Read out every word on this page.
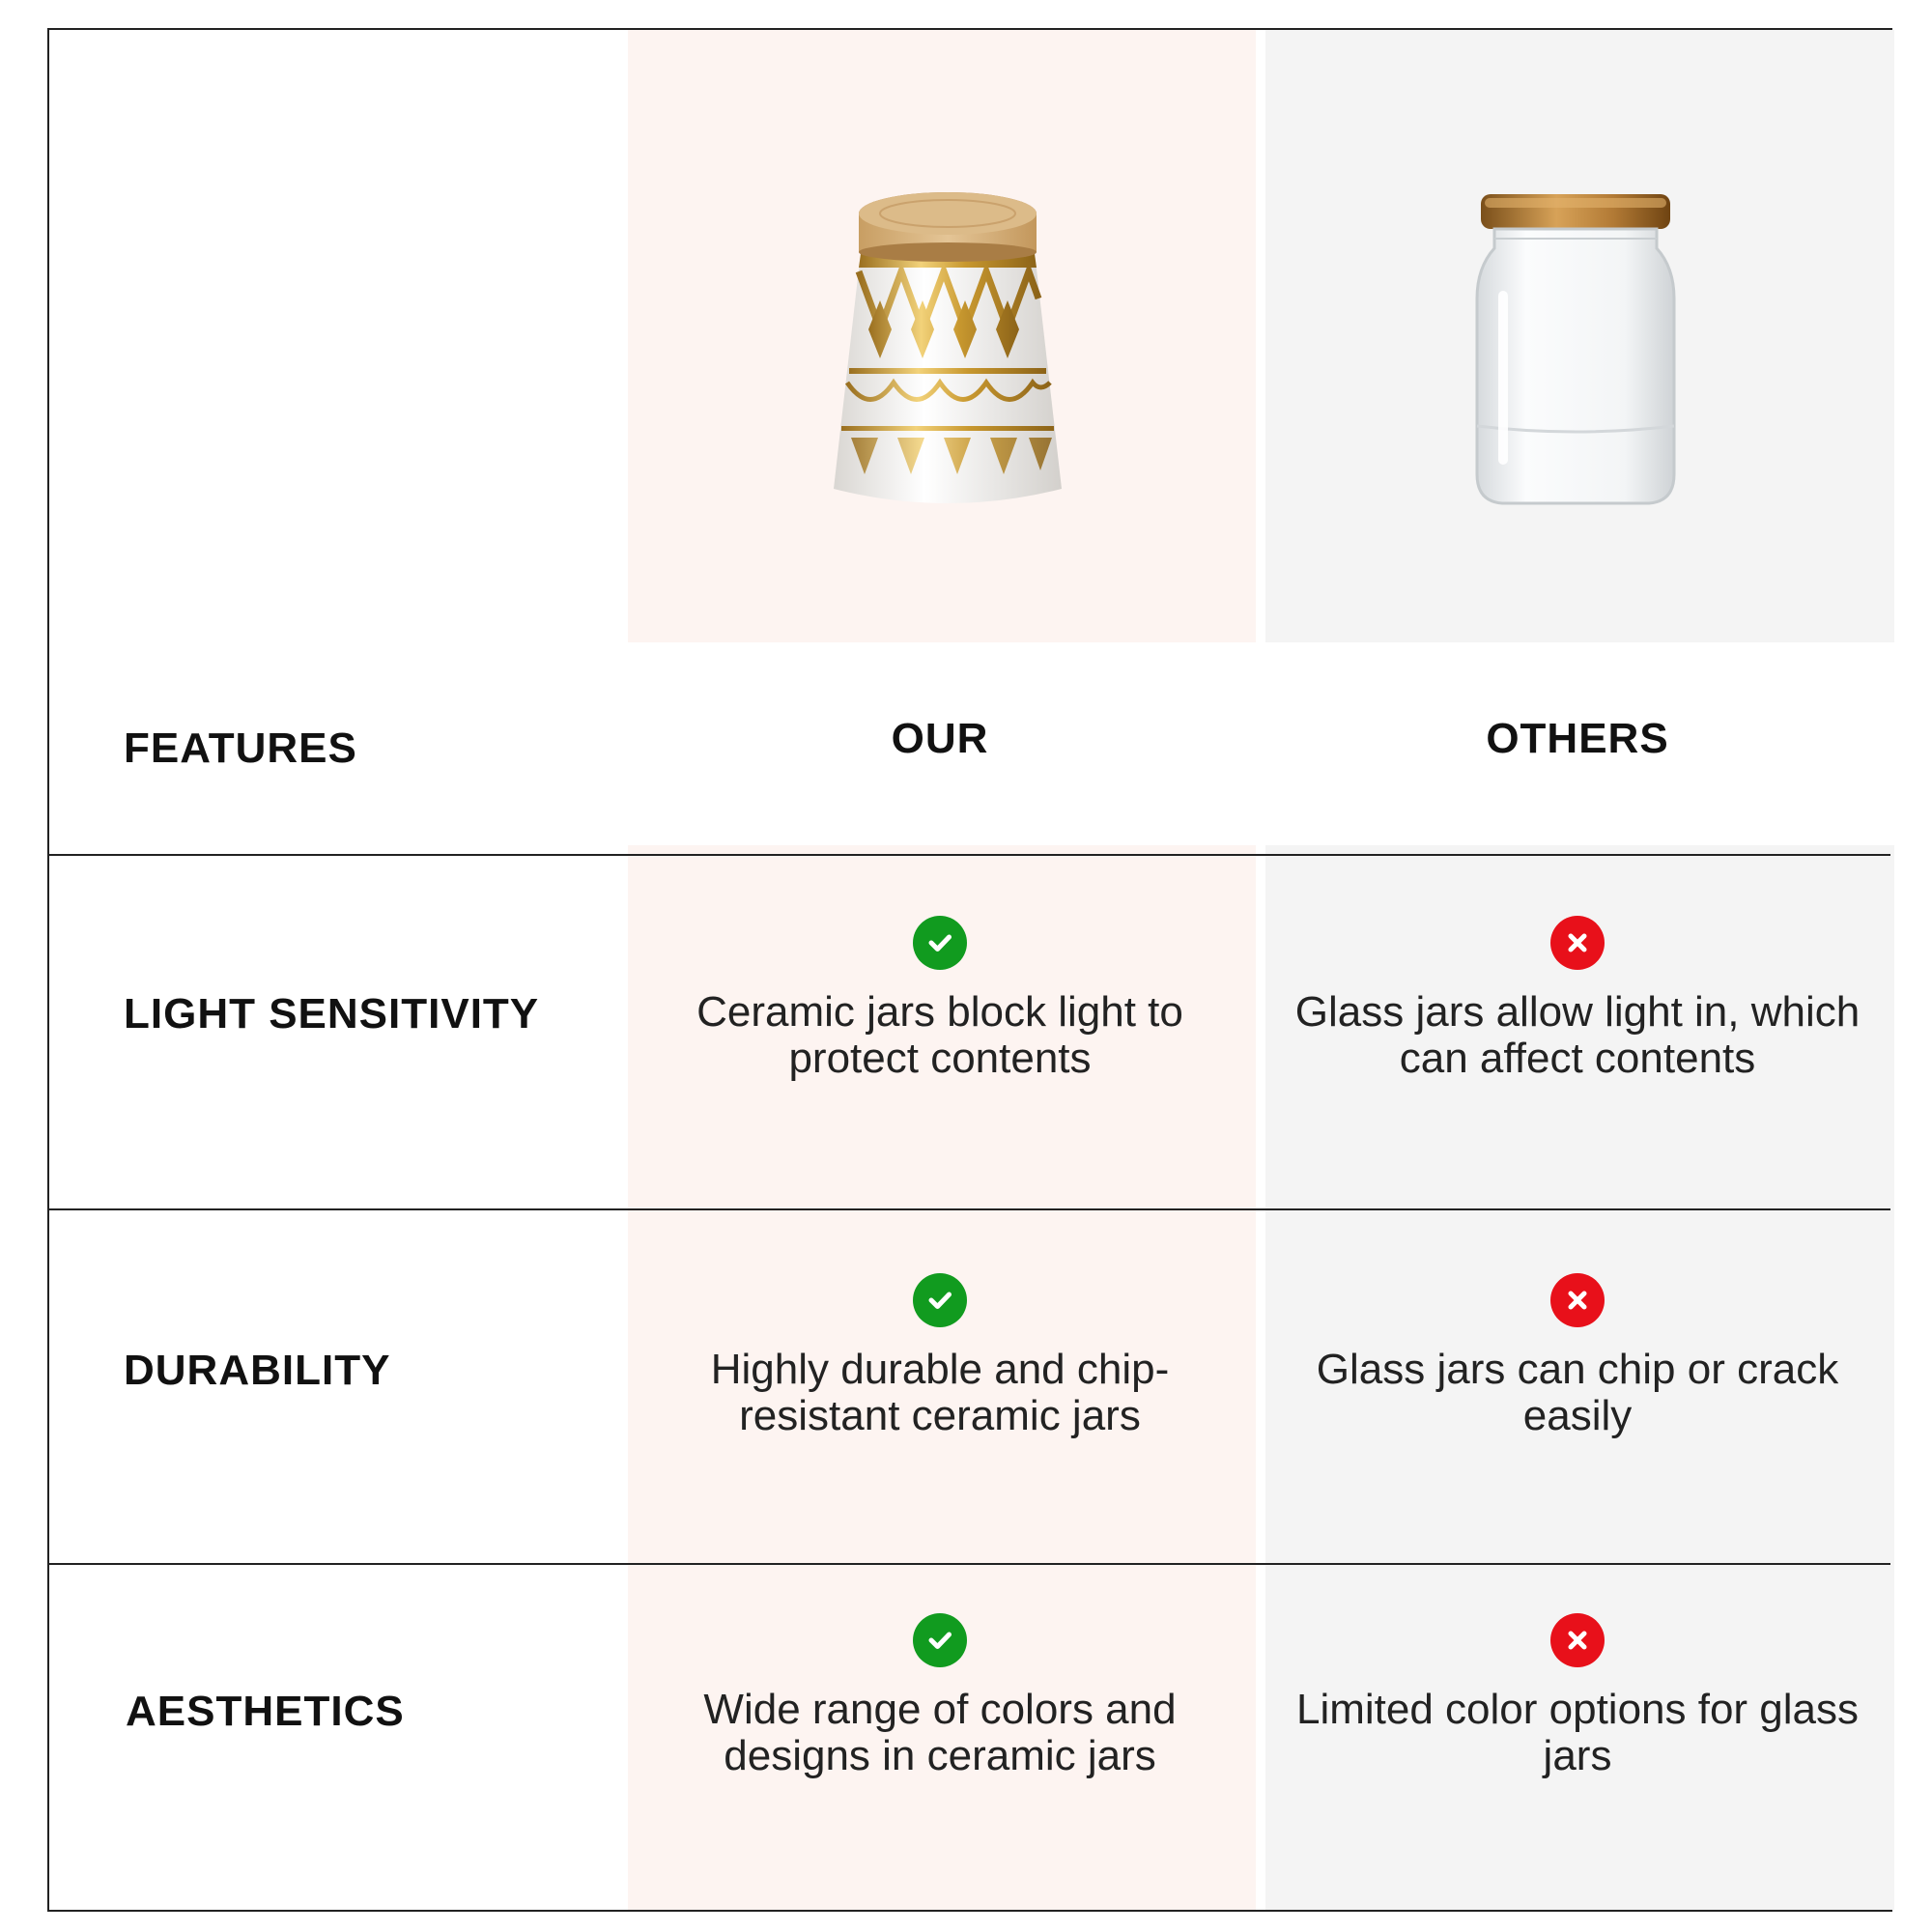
FEATURES	OUR	OTHERS
LIGHT SENSITIVITY
DURABILITY
AESTHETICS
Ceramic jars block light to protect contents
Glass jars allow light in, which can affect contents
Highly durable and chip-resistant ceramic jars
Glass jars can chip or crack easily
Wide range of colors and designs in ceramic jars
Limited color options for glass jars
